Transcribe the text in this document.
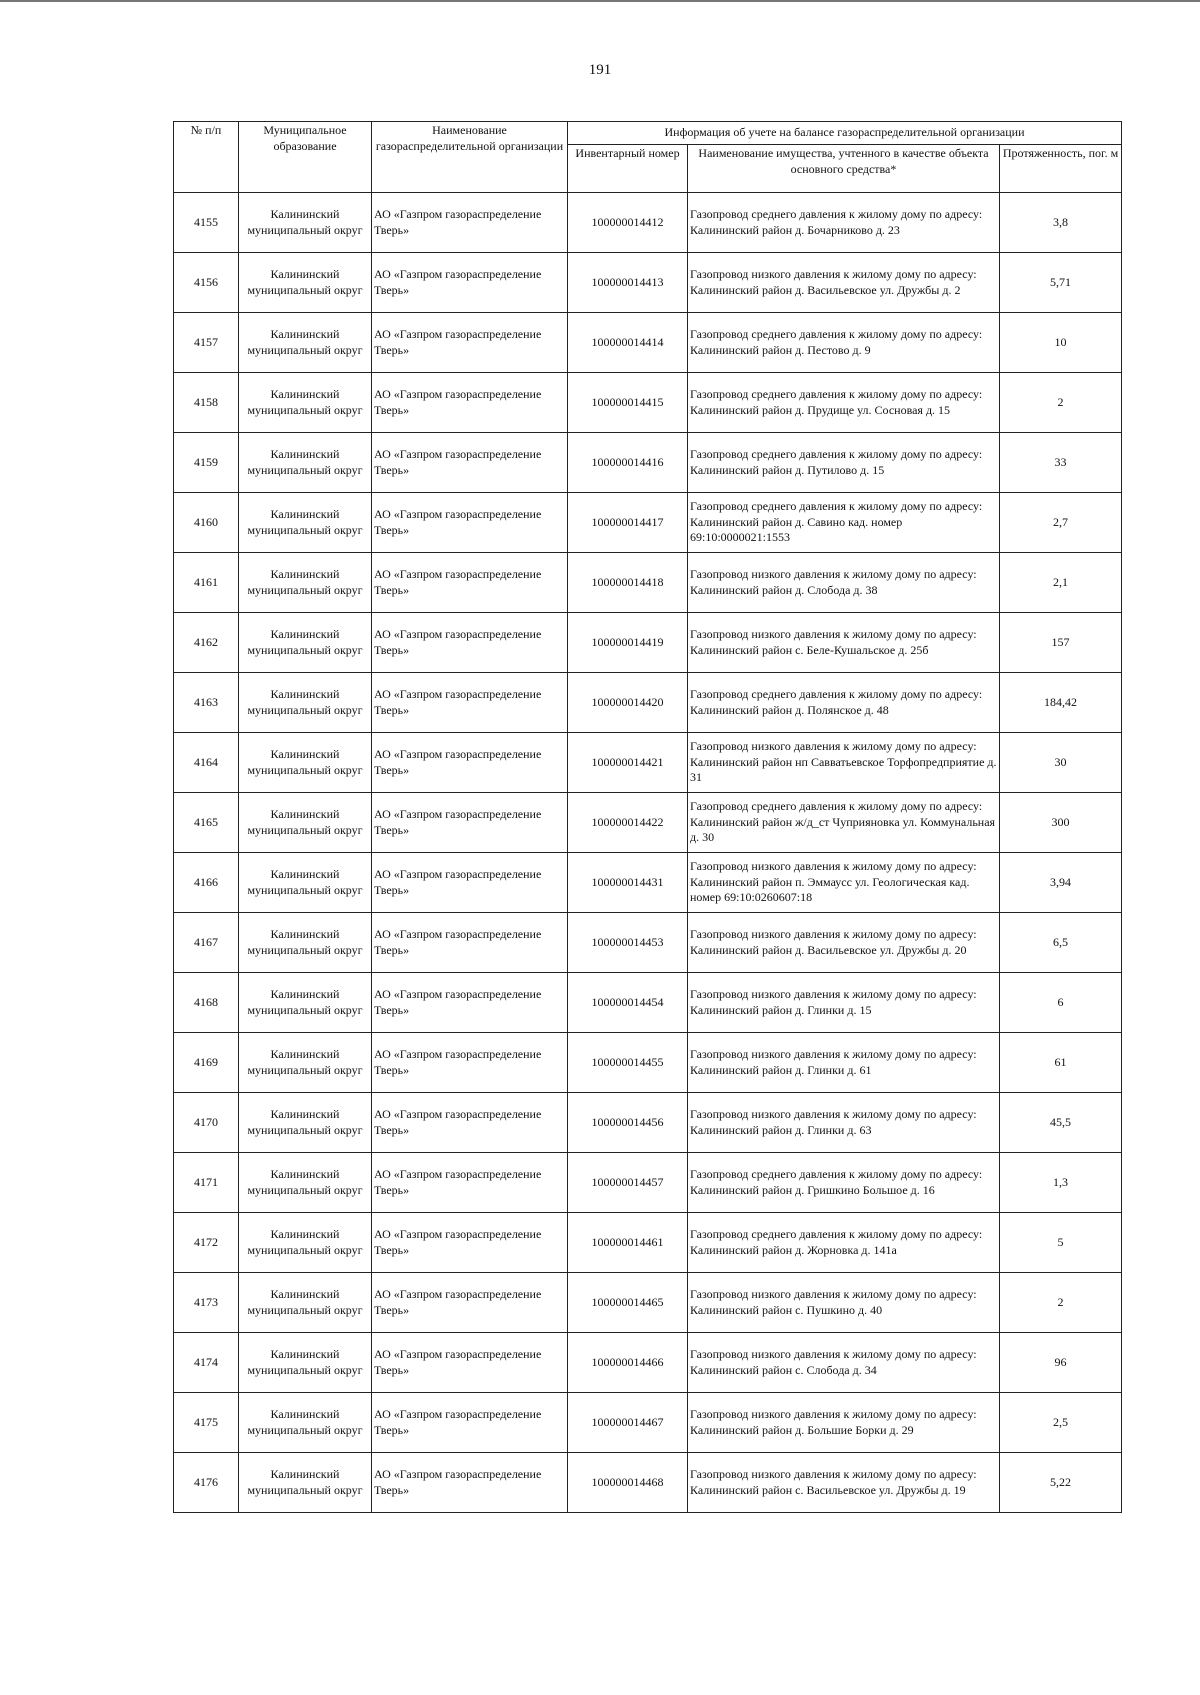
191
№ п/п	Муниципальное образование	Наименование газораспределительной организации	Информация об учете на балансе газораспределительной организации		
			Инвентарный номер	Наименование имущества, учтенного в качестве объекта основного средства*	Протяженность, пог. м
4155	Калининский муниципальный округ	АО «Газпром газораспределение Тверь»	100000014412	Газопровод среднего давления к жилому дому по адресу: Калининский район д. Бочарниково д. 23	3,8
4156	Калининский муниципальный округ	АО «Газпром газораспределение Тверь»	100000014413	Газопровод низкого давления к жилому дому по адресу: Калининский район д. Васильевское ул. Дружбы д. 2	5,71
4157	Калининский муниципальный округ	АО «Газпром газораспределение Тверь»	100000014414	Газопровод среднего давления к жилому дому по адресу: Калининский район д. Пестово д. 9	10
4158	Калининский муниципальный округ	АО «Газпром газораспределение Тверь»	100000014415	Газопровод среднего давления к жилому дому по адресу: Калининский район д. Прудище ул. Сосновая д. 15	2
4159	Калининский муниципальный округ	АО «Газпром газораспределение Тверь»	100000014416	Газопровод среднего давления к жилому дому по адресу: Калининский район д. Путилово д. 15	33
4160	Калининский муниципальный округ	АО «Газпром газораспределение Тверь»	100000014417	Газопровод среднего давления к жилому дому по адресу: Калининский район д. Савино кад. номер 69:10:0000021:1553	2,7
4161	Калининский муниципальный округ	АО «Газпром газораспределение Тверь»	100000014418	Газопровод низкого давления к жилому дому по адресу: Калининский район д. Слобода д. 38	2,1
4162	Калининский муниципальный округ	АО «Газпром газораспределение Тверь»	100000014419	Газопровод низкого давления к жилому дому по адресу: Калининский район с. Беле-Кушальское д. 25б	157
4163	Калининский муниципальный округ	АО «Газпром газораспределение Тверь»	100000014420	Газопровод среднего давления к жилому дому по адресу: Калининский район д. Полянское д. 48	184,42
4164	Калининский муниципальный округ	АО «Газпром газораспределение Тверь»	100000014421	Газопровод низкого давления к жилому дому по адресу: Калининский район нп Савватьевское Торфопредприятие д. 31	30
4165	Калининский муниципальный округ	АО «Газпром газораспределение Тверь»	100000014422	Газопровод среднего давления к жилому дому по адресу: Калининский район ж/д_ст Чуприяновка ул. Коммунальная д. 30	300
4166	Калининский муниципальный округ	АО «Газпром газораспределение Тверь»	100000014431	Газопровод низкого давления к жилому дому по адресу: Калининский район п. Эммаусс ул. Геологическая кад. номер 69:10:0260607:18	3,94
4167	Калининский муниципальный округ	АО «Газпром газораспределение Тверь»	100000014453	Газопровод низкого давления к жилому дому по адресу: Калининский район д. Васильевское ул. Дружбы д. 20	6,5
4168	Калининский муниципальный округ	АО «Газпром газораспределение Тверь»	100000014454	Газопровод низкого давления к жилому дому по адресу: Калининский район д. Глинки д. 15	6
4169	Калининский муниципальный округ	АО «Газпром газораспределение Тверь»	100000014455	Газопровод низкого давления к жилому дому по адресу: Калининский район д. Глинки д. 61	61
4170	Калининский муниципальный округ	АО «Газпром газораспределение Тверь»	100000014456	Газопровод низкого давления к жилому дому по адресу: Калининский район д. Глинки д. 63	45,5
4171	Калининский муниципальный округ	АО «Газпром газораспределение Тверь»	100000014457	Газопровод среднего давления к жилому дому по адресу: Калининский район д. Гришкино Большое д. 16	1,3
4172	Калининский муниципальный округ	АО «Газпром газораспределение Тверь»	100000014461	Газопровод среднего давления к жилому дому по адресу: Калининский район д. Жорновка д. 141а	5
4173	Калининский муниципальный округ	АО «Газпром газораспределение Тверь»	100000014465	Газопровод низкого давления к жилому дому по адресу: Калининский район с. Пушкино д. 40	2
4174	Калининский муниципальный округ	АО «Газпром газораспределение Тверь»	100000014466	Газопровод низкого давления к жилому дому по адресу: Калининский район с. Слобода д. 34	96
4175	Калининский муниципальный округ	АО «Газпром газораспределение Тверь»	100000014467	Газопровод низкого давления к жилому дому по адресу: Калининский район д. Большие Борки д. 29	2,5
4176	Калининский муниципальный округ	АО «Газпром газораспределение Тверь»	100000014468	Газопровод низкого давления к жилому дому по адресу: Калининский район с. Васильевское ул. Дружбы д. 19	5,22
